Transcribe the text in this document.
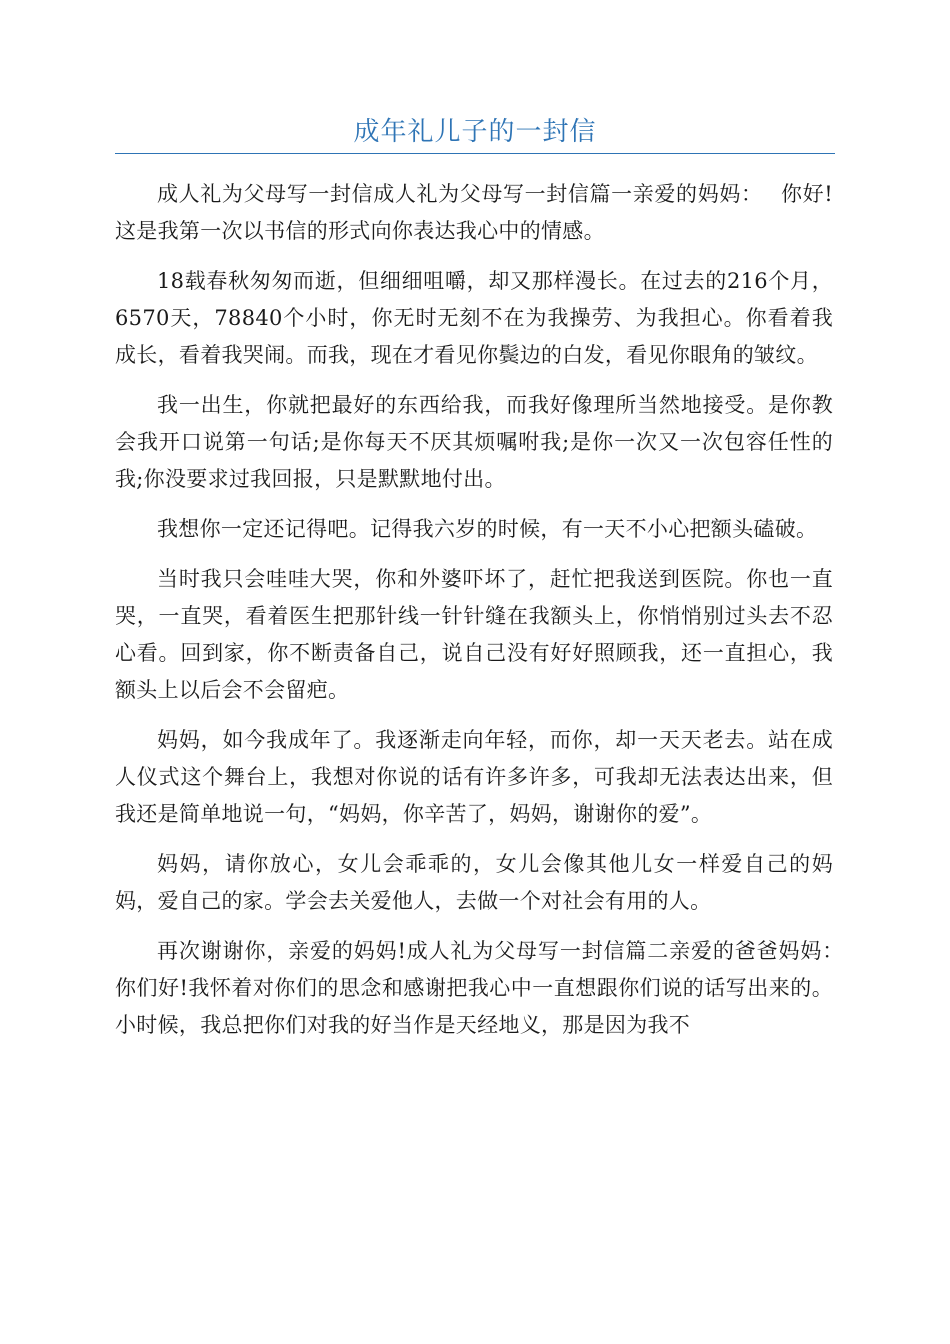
成年礼儿子的一封信

成人礼为父母写一封信成人礼为父母写一封信篇一亲爱的妈妈：　 你好!这是我第一次以书信的形式向你表达我心中的情感。

18载春秋匆匆而逝，但细细咀嚼，却又那样漫长。在过去的216个月，6570天，78840个小时，你无时无刻不在为我操劳、为我担心。你看着我成长，看着我哭闹。而我，现在才看见你鬓边的白发，看见你眼角的皱纹。

我一出生，你就把最好的东西给我，而我好像理所当然地接受。是你教会我开口说第一句话;是你每天不厌其烦嘱咐我;是你一次又一次包容任性的我;你没要求过我回报，只是默默地付出。

我想你一定还记得吧。记得我六岁的时候，有一天不小心把额头磕破。

当时我只会哇哇大哭，你和外婆吓坏了，赶忙把我送到医院。你也一直哭，一直哭，看着医生把那针线一针针缝在我额头上，你悄悄别过头去不忍心看。回到家，你不断责备自己，说自己没有好好照顾我，还一直担心，我额头上以后会不会留疤。

妈妈，如今我成年了。我逐渐走向年轻，而你，却一天天老去。站在成人仪式这个舞台上，我想对你说的话有许多许多，可我却无法表达出来，但我还是简单地说一句，“妈妈，你辛苦了，妈妈，谢谢你的爱”。

妈妈，请你放心，女儿会乖乖的，女儿会像其他儿女一样爱自己的妈妈，爱自己的家。学会去关爱他人，去做一个对社会有用的人。

再次谢谢你，亲爱的妈妈!成人礼为父母写一封信篇二亲爱的爸爸妈妈：　 你们好!我怀着对你们的思念和感谢把我心中一直想跟你们说的话写出来的。小时候，我总把你们对我的好当作是天经地义，那是因为我不
